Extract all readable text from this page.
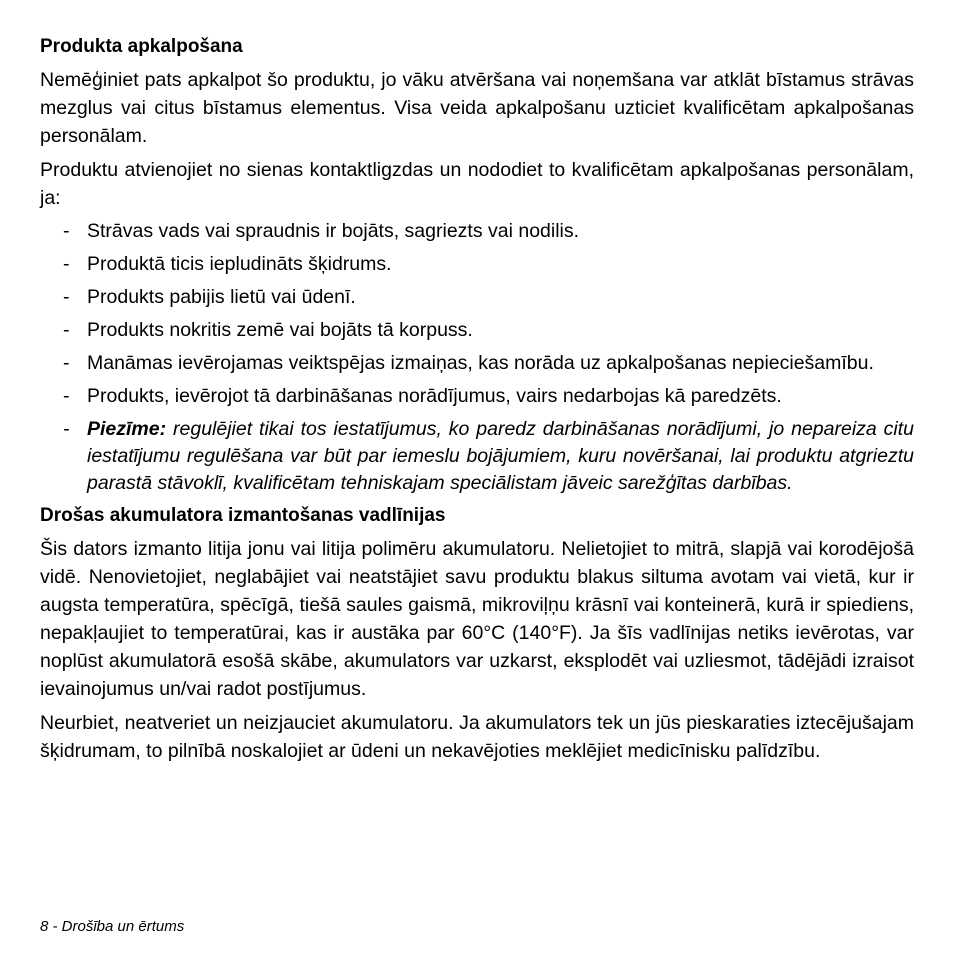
Produkta apkalpošana
Nemēģiniet pats apkalpot šo produktu, jo vāku atvēršana vai noņemšana var atklāt bīstamus strāvas mezglus vai citus bīstamus elementus. Visa veida apkalpošanu uzticiet kvalificētam apkalpošanas personālam.
Produktu atvienojiet no sienas kontaktligzdas un nododiet to kvalificētam apkalpošanas personālam, ja:
- Strāvas vads vai spraudnis ir bojāts, sagriezts vai nodilis.
- Produktā ticis iepludināts šķidrums.
- Produkts pabijis lietū vai ūdenī.
- Produkts nokritis zemē vai bojāts tā korpuss.
- Manāmas ievērojamas veiktspējas izmaiņas, kas norāda uz apkalpošanas nepieciešamību.
- Produkts, ievērojot tā darbināšanas norādījumus, vairs nedarbojas kā paredzēts.
- Piezīme: regulējiet tikai tos iestatījumus, ko paredz darbināšanas norādījumi, jo nepareiza citu iestatījumu regulēšana var būt par iemeslu bojājumiem, kuru novēršanai, lai produktu atgrieztu parastā stāvoklī, kvalificētam tehniskajam speciālistam jāveic sarežģītas darbības.
Drošas akumulatora izmantošanas vadlīnijas
Šis dators izmanto litija jonu vai litija polimēru akumulatoru. Nelietojiet to mitrā, slapjā vai korodējošā vidē. Nenovietojiet, neglabājiet vai neatstājiet savu produktu blakus siltuma avotam vai vietā, kur ir augsta temperatūra, spēcīgā, tiešā saules gaismā, mikroviļņu krāsnī vai konteinerā, kurā ir spiediens, nepakļaujiet to temperatūrai, kas ir austāka par 60°C (140°F). Ja šīs vadlīnijas netiks ievērotas, var noplūst akumulatorā esošā skābe, akumulators var uzkarst, eksplodēt vai uzliesmot, tādējādi izraisot ievainojumus un/vai radot postījumus.
Neurbiet, neatveriet un neizjauciet akumulatoru. Ja akumulators tek un jūs pieskaraties iztecējušajam šķidrumam, to pilnībā noskalojiet ar ūdeni un nekavējoties meklējiet medicīnisku palīdzību.
8 - Drošība un ērtums
